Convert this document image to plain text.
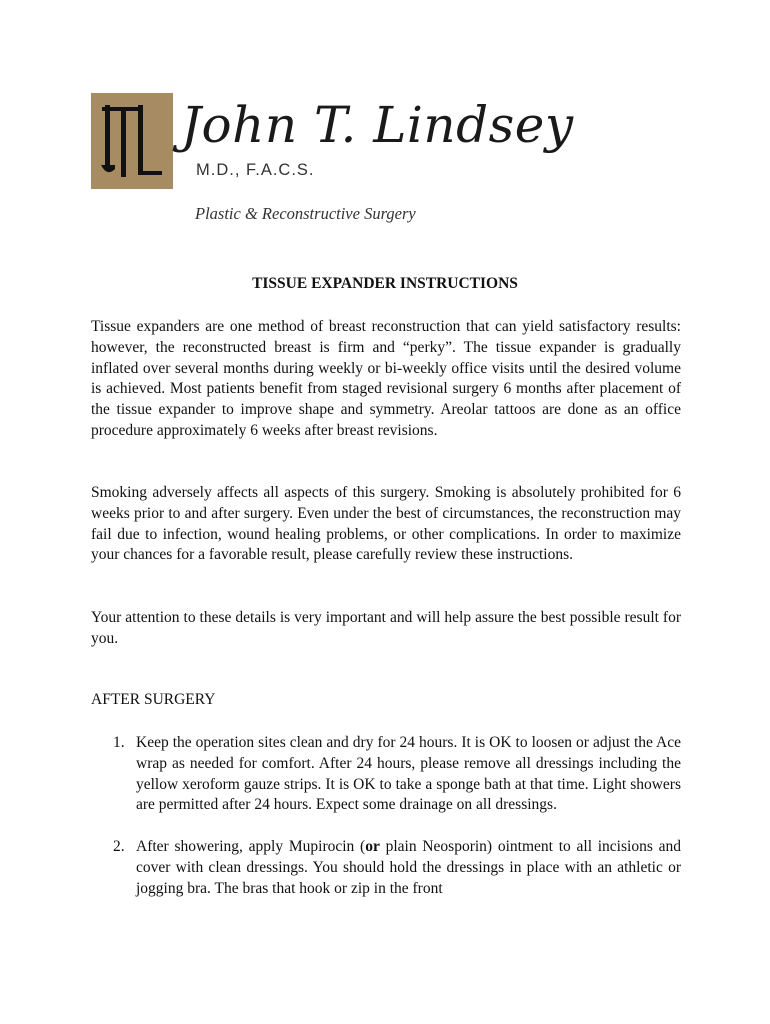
John T. Lindsey
M.D., F.A.C.S.
Plastic & Reconstructive Surgery
TISSUE EXPANDER INSTRUCTIONS

Tissue expanders are one method of breast reconstruction that can yield satisfactory results: however, the reconstructed breast is firm and “perky”. The tissue expander is gradually inflated over several months during weekly or bi-weekly office visits until the desired volume is achieved. Most patients benefit from staged revisional surgery 6 months after placement of the tissue expander to improve shape and symmetry. Areolar tattoos are done as an office procedure approximately 6 weeks after breast revisions.

Smoking adversely affects all aspects of this surgery. Smoking is absolutely prohibited for 6 weeks prior to and after surgery. Even under the best of circumstances, the reconstruction may fail due to infection, wound healing problems, or other complications. In order to maximize your chances for a favorable result, please carefully review these instructions.

Your attention to these details is very important and will help assure the best possible result for you.

AFTER SURGERY
1. Keep the operation sites clean and dry for 24 hours. It is OK to loosen or adjust the Ace wrap as needed for comfort. After 24 hours, please remove all dressings including the yellow xeroform gauze strips. It is OK to take a sponge bath at that time. Light showers are permitted after 24 hours. Expect some drainage on all dressings.
2. After showering, apply Mupirocin (or plain Neosporin) ointment to all incisions and cover with clean dressings. You should hold the dressings in place with an athletic or jogging bra. The bras that hook or zip in the front
